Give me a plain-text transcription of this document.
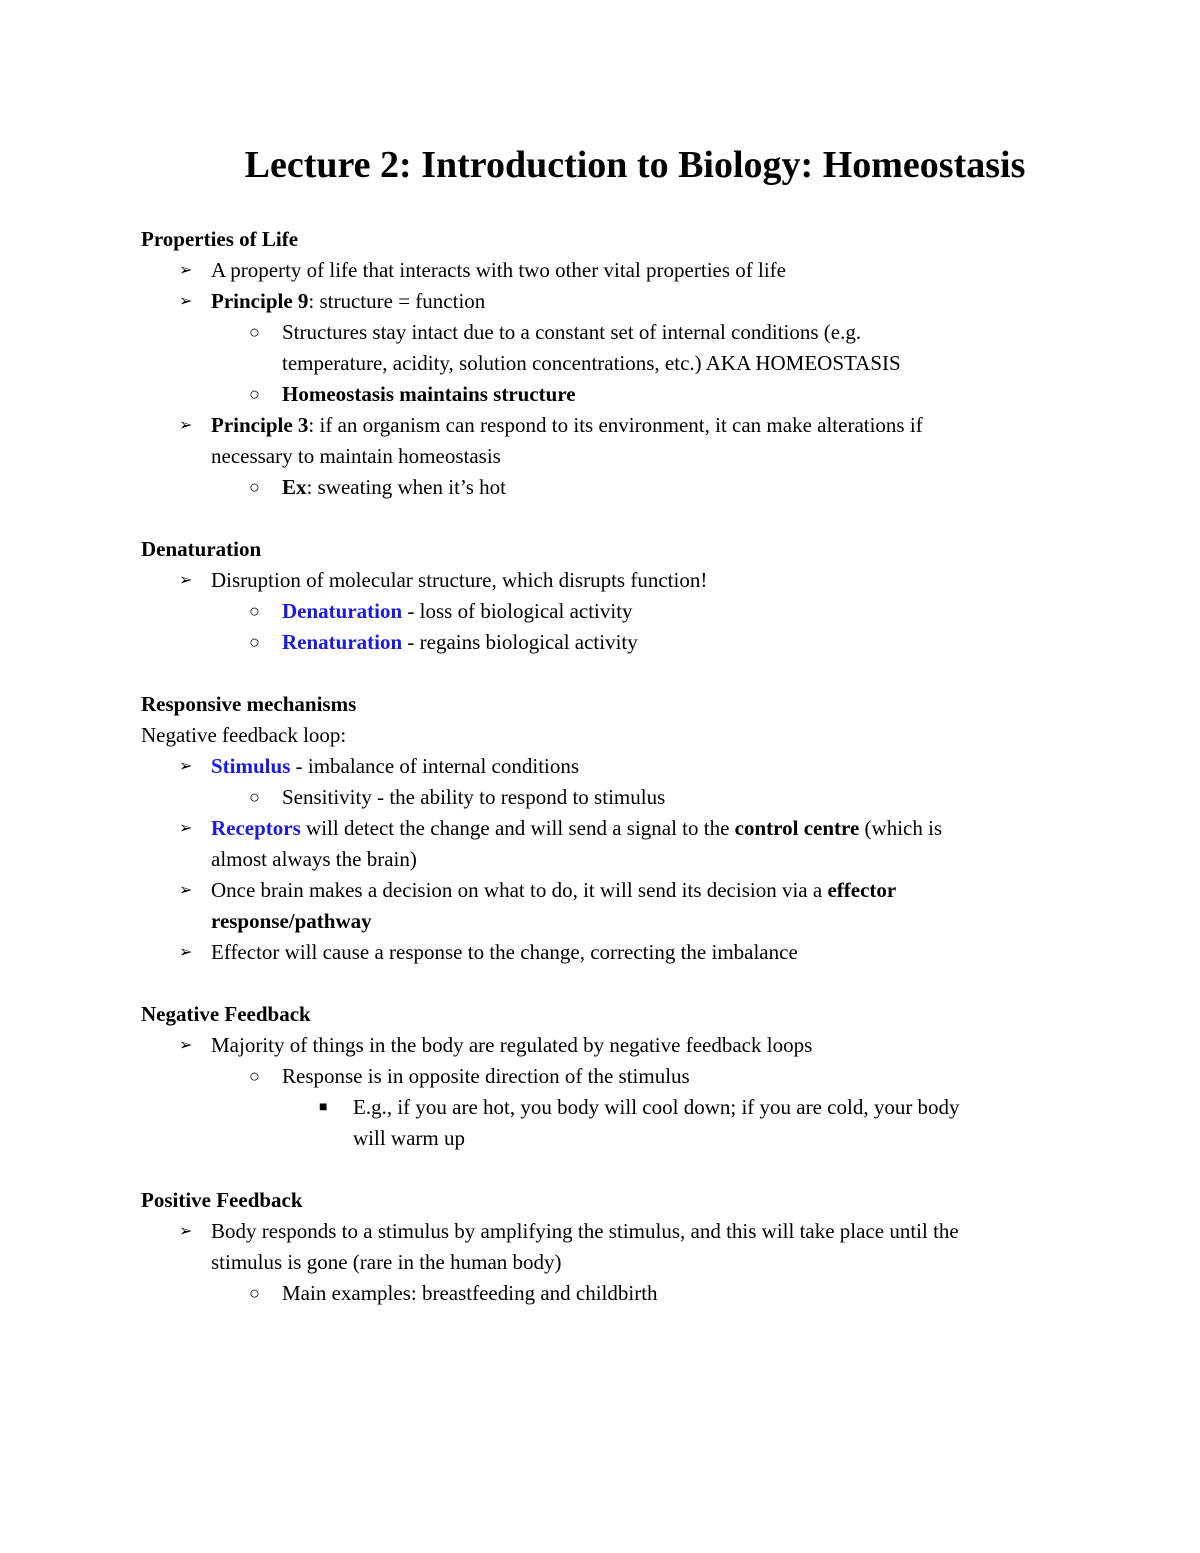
Lecture 2: Introduction to Biology: Homeostasis
Properties of Life
➢ A property of life that interacts with two other vital properties of life
➢ Principle 9: structure = function
○	Structures stay intact due to a constant set of internal conditions (e.g.
temperature, acidity, solution concentrations, etc.) AKA HOMEOSTASIS
○	Homeostasis maintains structure
➢ Principle 3: if an organism can respond to its environment, it can make alterations if
necessary to maintain homeostasis
○	Ex: sweating when it’s hot
Denaturation
➢ Disruption of molecular structure, which disrupts function!
○	Denaturation - loss of biological activity
○	Renaturation - regains biological activity
Responsive mechanisms
Negative feedback loop:
➢ Stimulus - imbalance of internal conditions
○	Sensitivity - the ability to respond to stimulus
➢ Receptors will detect the change and will send a signal to the control centre (which is
almost always the brain)
➢ Once brain makes a decision on what to do, it will send its decision via a effector
response/pathway
➢ Effector will cause a response to the change, correcting the imbalance
Negative Feedback
➢ Majority of things in the body are regulated by negative feedback loops
○	Response is in opposite direction of the stimulus
■	E.g., if you are hot, you body will cool down; if you are cold, your body
will warm up
Positive Feedback
➢ Body responds to a stimulus by amplifying the stimulus, and this will take place until the
stimulus is gone (rare in the human body)
○	Main examples: breastfeeding and childbirth
